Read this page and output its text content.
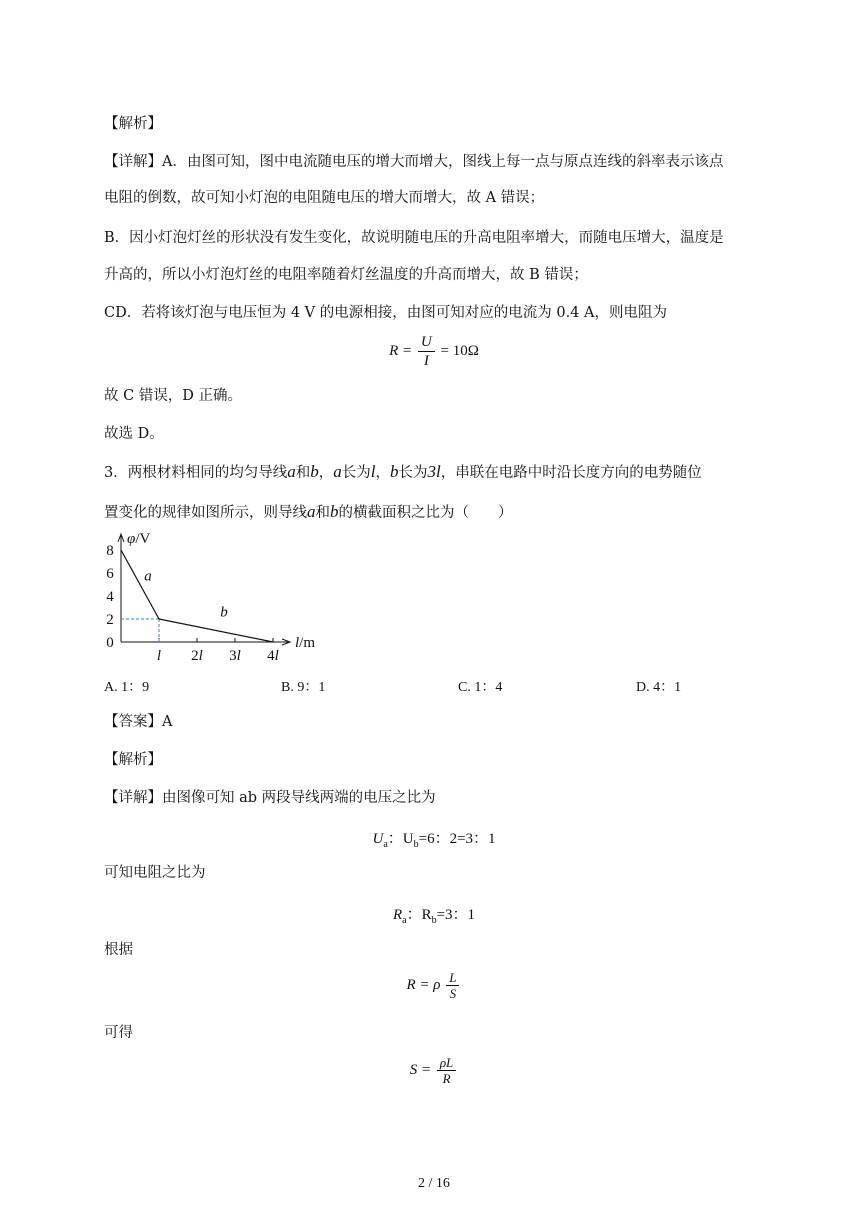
【解析】
【详解】A．由图可知，图中电流随电压的增大而增大，图线上每一点与原点连线的斜率表示该点
电阻的倒数，故可知小灯泡的电阻随电压的增大而增大，故 A 错误；
B．因小灯泡灯丝的形状没有发生变化，故说明随电压的升高电阻率增大，而随电压增大，温度是
升高的，所以小灯泡灯丝的电阻率随着灯丝温度的升高而增大，故 B 错误；
CD．若将该灯泡与电压恒为 4 V 的电源相接，由图可知对应的电流为 0.4 A，则电阻为
$R = \frac{U}{I} = 10\Omega$
故 C 错误，D 正确。
故选 D。
3．两根材料相同的均匀导线a和b，a长为l，b长为3l，串联在电路中时沿长度方向的电势随位
置变化的规律如图所示，则导线a和b的横截面积之比为（　　）
φ/V
l/m
8
6
4
2
0
l 2l 3l 4l
a
b
A. 1：9	B. 9：1	C. 1：4	D. 4：1
【答案】A
【解析】
【详解】由图像可知 ab 两段导线两端的电压之比为
$U_a$：$U_b=6$：2=3：1
可知电阻之比为
$R_a$：$R_b=3$：1
根据
R = ρ $\frac{L}{S}$
可得
$S = \frac{\rho L}{R}$
2 / 16
